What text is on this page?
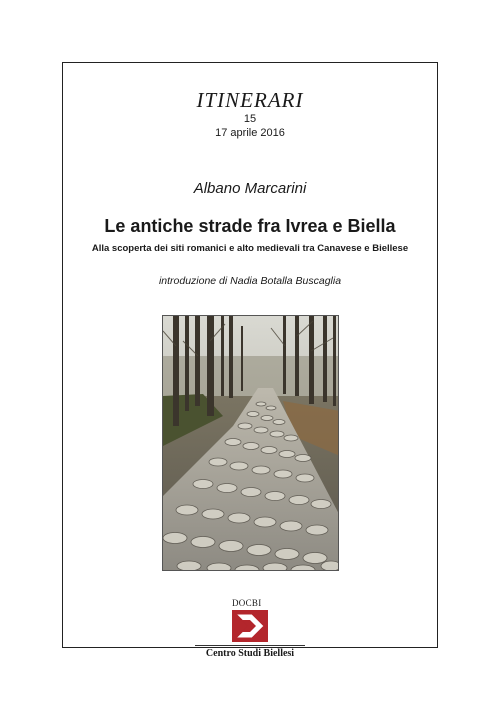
ITINERARI
15
17 aprile 2016
Albano Marcarini
Le antiche strade fra Ivrea e Biella
Alla scoperta dei siti romanici e alto medievali tra Canavese e Biellese
introduzione di Nadia Botalla Buscaglia
DOCBI
Centro Studi Biellesi
